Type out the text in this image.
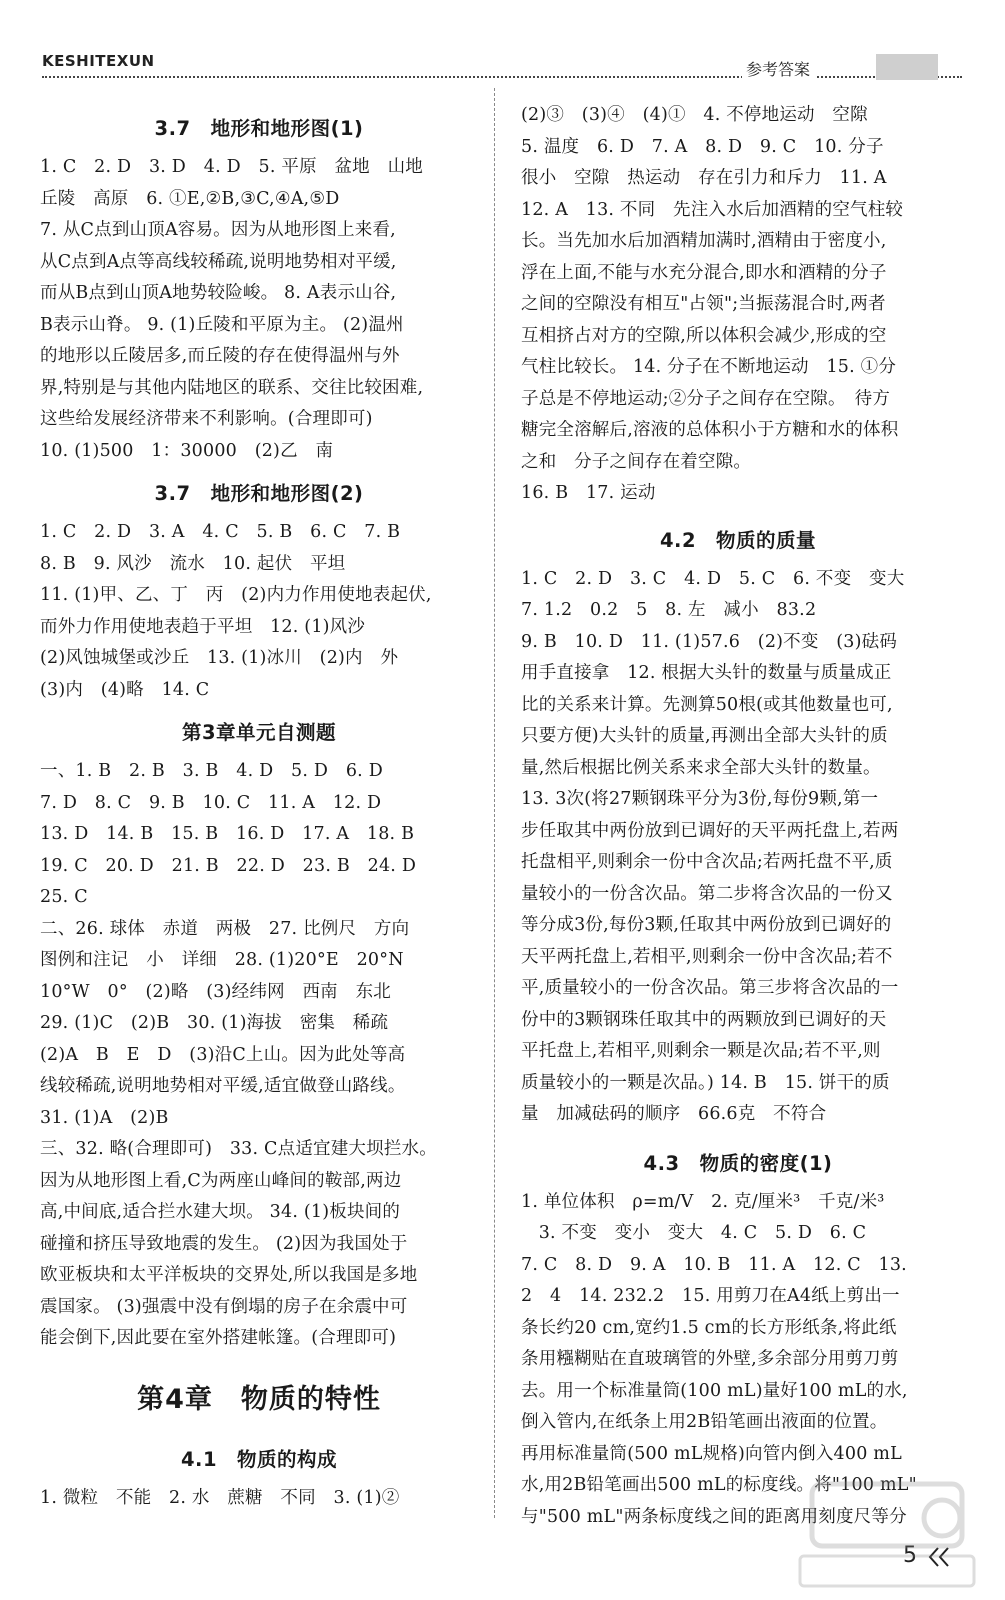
KESHITEXUN	参考答案
3.7　地形和地形图(1)

1. C　2. D　3. D　4. D　5. 平原　盆地　山地

丘陵　高原　6. ①E,②B,③C,④A,⑤D

7. 从C点到山顶A容易。因为从地形图上来看,

从C点到A点等高线较稀疏,说明地势相对平缓,

而从B点到山顶A地势较险峻。 8. A表示山谷,

B表示山脊。 9. (1)丘陵和平原为主。 (2)温州

的地形以丘陵居多,而丘陵的存在使得温州与外

界,特别是与其他内陆地区的联系、交往比较困难,

这些给发展经济带来不利影响。(合理即可)

10. (1)500　1：30000　(2)乙　南

3.7　地形和地形图(2)

1. C　2. D　3. A　4. C　5. B　6. C　7. B

8. B　9. 风沙　流水　10. 起伏　平坦

11. (1)甲、乙、丁　丙　(2)内力作用使地表起伏,

而外力作用使地表趋于平坦　12. (1)风沙

(2)风蚀城堡或沙丘　13. (1)冰川　(2)内　外

(3)内　(4)略　14. C

第3章单元自测题

一、1. B　2. B　3. B　4. D　5. D　6. D

7. D　8. C　9. B　10. C　11. A　12. D

13. D　14. B　15. B　16. D　17. A　18. B

19. C　20. D　21. B　22. D　23. B　24. D

25. C

二、26. 球体　赤道　两极　27. 比例尺　方向

图例和注记　小　详细　28. (1)20°E　20°N

10°W　0°　(2)略　(3)经纬网　西南　东北

29. (1)C　(2)B　30. (1)海拔　密集　稀疏

(2)A　B　E　D　(3)沿C上山。因为此处等高

线较稀疏,说明地势相对平缓,适宜做登山路线。

31. (1)A　(2)B

三、32. 略(合理即可)　33. C点适宜建大坝拦水。

因为从地形图上看,C为两座山峰间的鞍部,两边

高,中间底,适合拦水建大坝。 34. (1)板块间的

碰撞和挤压导致地震的发生。 (2)因为我国处于

欧亚板块和太平洋板块的交界处,所以我国是多地

震国家。 (3)强震中没有倒塌的房子在余震中可

能会倒下,因此要在室外搭建帐篷。(合理即可)

第4章　物质的特性
4.1　物质的构成

1. 微粒　不能　2. 水　蔗糖　不同　3. (1)②

(2)③　(3)④　(4)①　4. 不停地运动　空隙

5. 温度　6. D　7. A　8. D　9. C　10. 分子

很小　空隙　热运动　存在引力和斥力　11. A

12. A　13. 不同　先注入水后加酒精的空气柱较

长。当先加水后加酒精加满时,酒精由于密度小,

浮在上面,不能与水充分混合,即水和酒精的分子

之间的空隙没有相互"占领";当振荡混合时,两者

互相挤占对方的空隙,所以体积会减少,形成的空

气柱比较长。 14. 分子在不断地运动　15. ①分

子总是不停地运动;②分子之间存在空隙。　待方

糖完全溶解后,溶液的总体积小于方糖和水的体积

之和　分子之间存在着空隙。

16. B　17. 运动

4.2　物质的质量

1. C　2. D　3. C　4. D　5. C　6. 不变　变大

7. 1.2　0.2　5　8. 左　减小　83.2

9. B　10. D　11. (1)57.6　(2)不变　(3)砝码

用手直接拿　12. 根据大头针的数量与质量成正

比的关系来计算。先测算50根(或其他数量也可,

只要方便)大头针的质量,再测出全部大头针的质

量,然后根据比例关系来求全部大头针的数量。

13. 3次(将27颗钢珠平分为3份,每份9颗,第一

步任取其中两份放到已调好的天平两托盘上,若两

托盘相平,则剩余一份中含次品;若两托盘不平,质

量较小的一份含次品。第二步将含次品的一份又

等分成3份,每份3颗,任取其中两份放到已调好的

天平两托盘上,若相平,则剩余一份中含次品;若不

平,质量较小的一份含次品。第三步将含次品的一

份中的3颗钢珠任取其中的两颗放到已调好的天

平托盘上,若相平,则剩余一颗是次品;若不平,则

质量较小的一颗是次品。) 14. B　15. 饼干的质

量　加减砝码的顺序　66.6克　不符合

4.3　物质的密度(1)

1. 单位体积　ρ=m/V　2. 克/厘米³　千克/米³

　3. 不变　变小　变大　4. C　5. D　6. C

7. C　8. D　9. A　10. B　11. A　12. C　13.

2　4　14. 232.2　15. 用剪刀在A4纸上剪出一

条长约20 cm,宽约1.5 cm的长方形纸条,将此纸

条用糨糊贴在直玻璃管的外壁,多余部分用剪刀剪

去。用一个标准量筒(100 mL)量好100 mL的水,

倒入管内,在纸条上用2B铅笔画出液面的位置。

再用标准量筒(500 mL规格)向管内倒入400 mL

水,用2B铅笔画出500 mL的标度线。将"100 mL"

与"500 mL"两条标度线之间的距离用刻度尺等分

5
